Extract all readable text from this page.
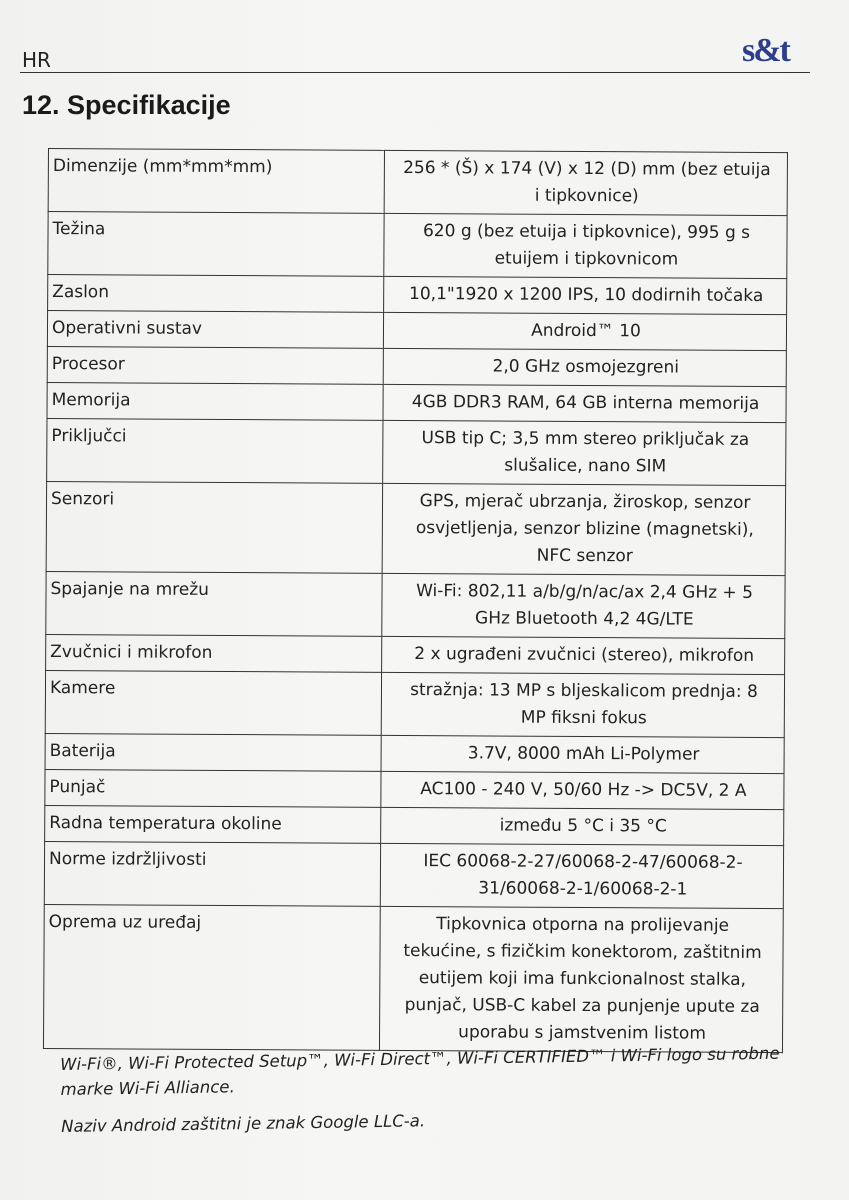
HR	s&t
12. Specifikacije
Dimenzije (mm*mm*mm)	256 * (Š) x 174 (V) x 12 (D) mm (bez etuija i tipkovnice)
Težina	620 g (bez etuija i tipkovnice), 995 g s etuijem i tipkovnicom
Zaslon	10,1"1920 x 1200 IPS, 10 dodirnih točaka
Operativni sustav	Android™ 10
Procesor	2,0 GHz osmojezgreni
Memorija	4GB DDR3 RAM, 64 GB interna memorija
Priključci	USB tip C; 3,5 mm stereo priključak za slušalice, nano SIM
Senzori	GPS, mjerač ubrzanja, žiroskop, senzor osvjetljenja, senzor blizine (magnetski), NFC senzor
Spajanje na mrežu	Wi-Fi: 802,11 a/b/g/n/ac/ax 2,4 GHz + 5 GHz Bluetooth 4,2 4G/LTE
Zvučnici i mikrofon	2 x ugrađeni zvučnici (stereo), mikrofon
Kamere	stražnja: 13 MP s bljeskalicom prednja: 8 MP fiksni fokus
Baterija	3.7V, 8000 mAh Li-Polymer
Punjač	AC100 - 240 V, 50/60 Hz -> DC5V, 2 A
Radna temperatura okoline	između 5 °C i 35 °C
Norme izdržljivosti	IEC 60068-2-27/60068-2-47/60068-2-31/60068-2-1/60068-2-1
Oprema uz uređaj	Tipkovnica otporna na prolijevanje tekućine, s fizičkim konektorom, zaštitnim eutijem koji ima funkcionalnost stalka, punjač, USB-C kabel za punjenje upute za uporabu s jamstvenim listom

Wi-Fi®, Wi-Fi Protected Setup™, Wi-Fi Direct™, Wi-Fi CERTIFIED™ i Wi-Fi logo su robne marke Wi-Fi Alliance.

Naziv Android zaštitni je znak Google LLC-a.
